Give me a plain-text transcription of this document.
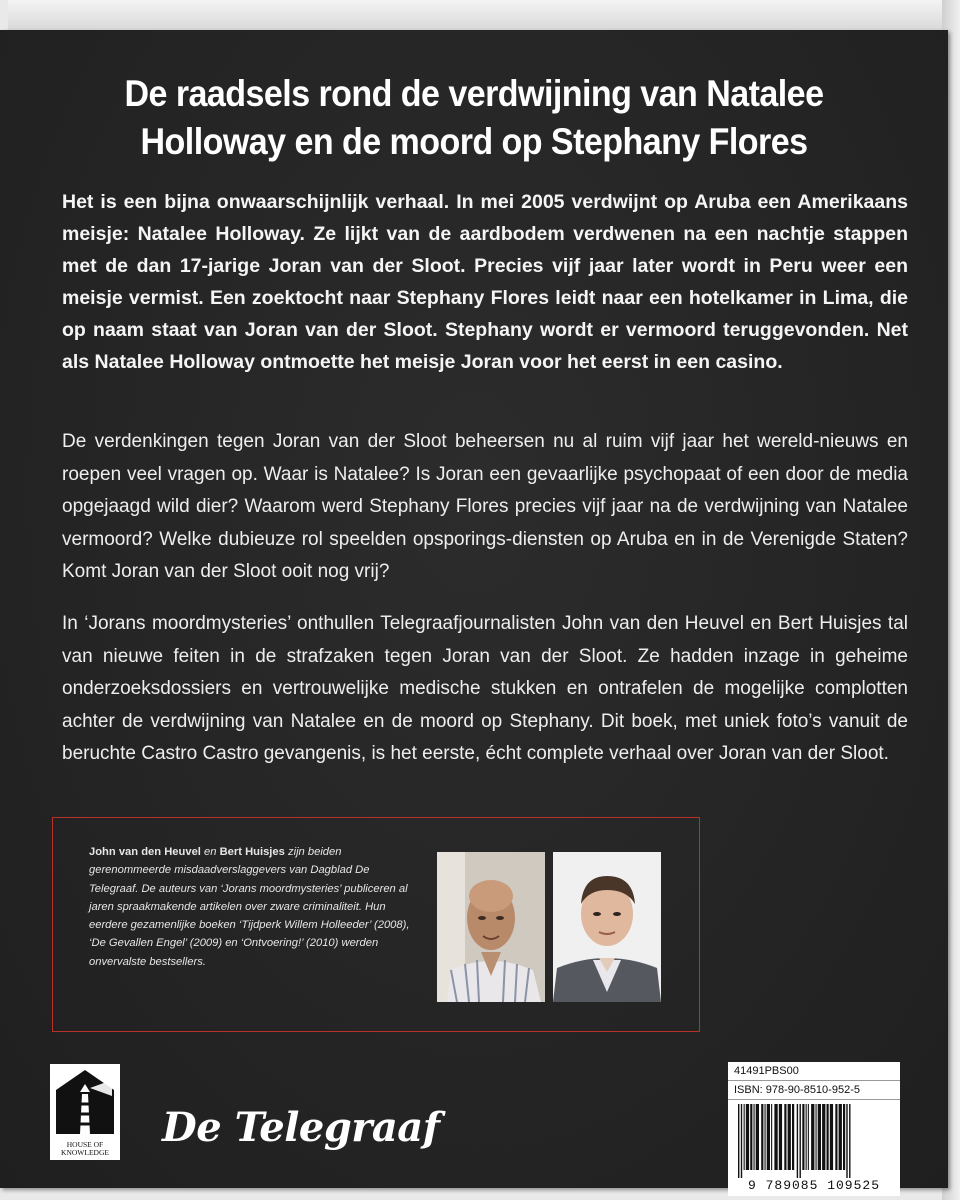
De raadsels rond de verdwijning van Natalee
Holloway en de moord op Stephany Flores

Het is een bijna onwaarschijnlijk verhaal. In mei 2005 verdwijnt op Aruba een Amerikaans meisje: Natalee Holloway. Ze lijkt van de aardbodem verdwenen na een nachtje stappen met de dan 17-jarige Joran van der Sloot. Precies vijf jaar later wordt in Peru weer een meisje vermist. Een zoektocht naar Stephany Flores leidt naar een hotelkamer in Lima, die op naam staat van Joran van der Sloot. Stephany wordt er vermoord teruggevonden. Net als Natalee Holloway ontmoette het meisje Joran voor het eerst in een casino.

De verdenkingen tegen Joran van der Sloot beheersen nu al ruim vijf jaar het wereld-nieuws en roepen veel vragen op. Waar is Natalee? Is Joran een gevaarlijke psychopaat of een door de media opgejaagd wild dier? Waarom werd Stephany Flores precies vijf jaar na de verdwijning van Natalee vermoord? Welke dubieuze rol speelden opsporings-diensten op Aruba en in de Verenigde Staten? Komt Joran van der Sloot ooit nog vrij?

In ‘Jorans moordmysteries’ onthullen Telegraafjournalisten John van den Heuvel en Bert Huisjes tal van nieuwe feiten in de strafzaken tegen Joran van der Sloot. Ze hadden inzage in geheime onderzoeksdossiers en vertrouwelijke medische stukken en ontrafelen de mogelijke complotten achter de verdwijning van Natalee en de moord op Stephany. Dit boek, met uniek foto’s vanuit de beruchte Castro Castro gevangenis, is het eerste, écht complete verhaal over Joran van der Sloot.

John van den Heuvel en Bert Huisjes zijn beiden gerenommeerde misdaadverslaggevers van Dagblad De Telegraaf. De auteurs van ‘Jorans moordmysteries’ publiceren al jaren spraakmakende artikelen over zware criminaliteit. Hun eerdere gezamenlijke boeken ‘Tijdperk Willem Holleeder’ (2008), ‘De Gevallen Engel’ (2009) en ‘Ontvoering!’ (2010) werden onvervalste bestsellers.
HOUSE OF
KNOWLEDGE
De Telegraaf
41491PBS00
ISBN: 978-90-8510-952-5
9 789085 109525
